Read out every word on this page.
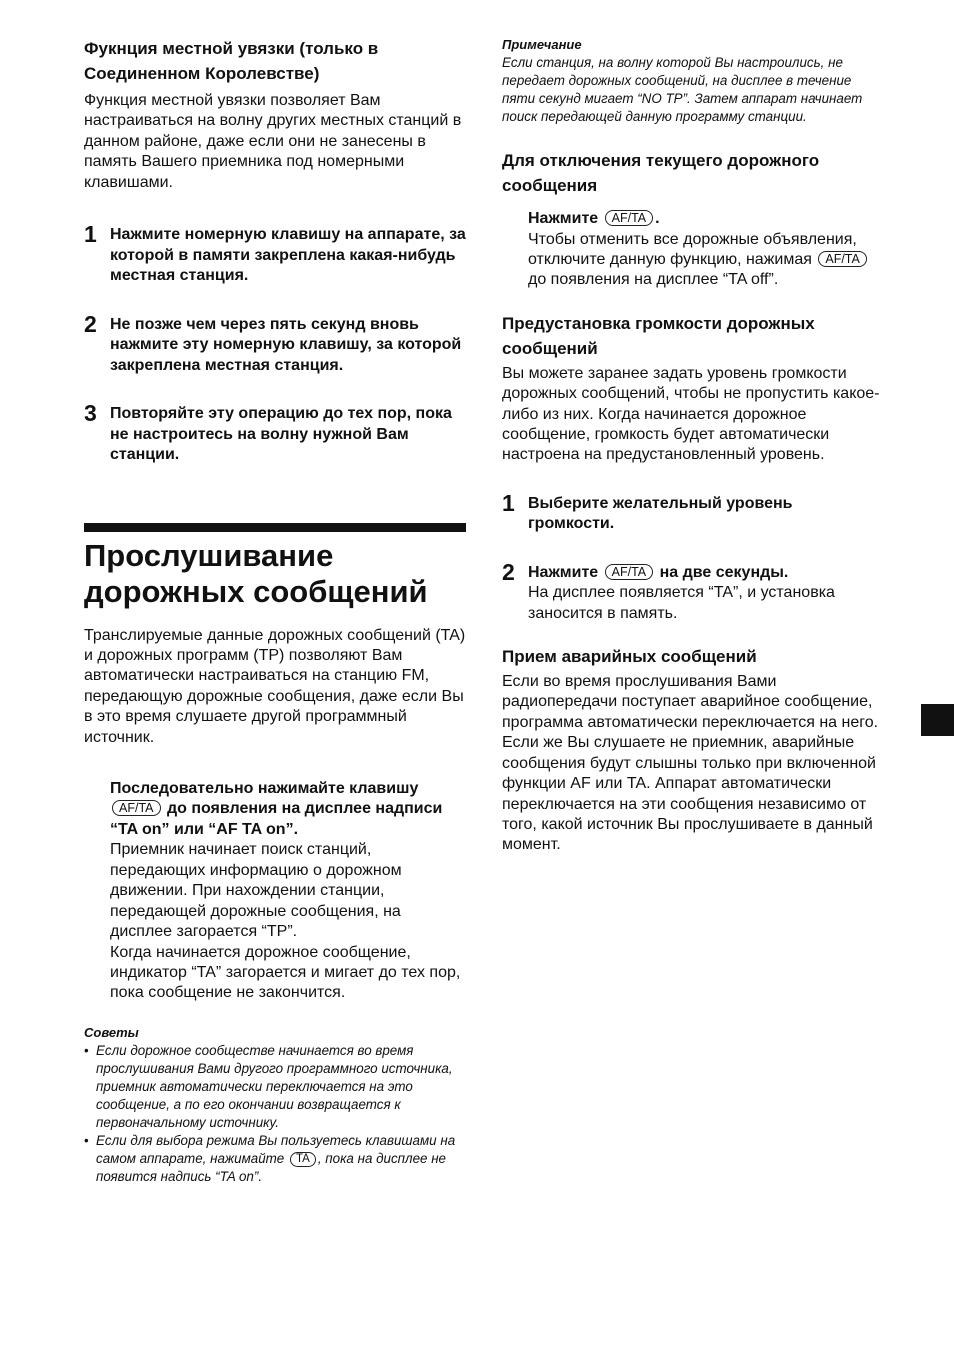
Фукнция местной увязки (только в Соединенном Королевстве)

Функция местной увязки позволяет Вам настраиваться на волну других местных станций в данном районе, даже если они не занесены в память Вашего приемника под номерными клавишами.

1 Нажмите номерную клавишу на аппарате, за которой в памяти закреплена какая-нибудь местная станция.

2 Не позже чем через пять секунд вновь нажмите эту номерную клавишу, за которой закреплена местная станция.

3 Повторяйте эту операцию до тех пор, пока не настроитесь на волну нужной Вам станции.

Прослушивание дорожных сообщений

Транслируемые данные дорожных сообщений (TA) и дорожных программ (TP) позволяют Вам автоматически настраиваться на станцию FM, передающую дорожные сообщения, даже если Вы в это время слушаете другой программный источник.

Последовательно нажимайте клавишу AF/TA до появления на дисплее надписи “TA on” или “AF TA on”.

Приемник начинает поиск станций, передающих информацию о дорожном движении. При нахождении станции, передающей дорожные сообщения, на дисплее загорается “TP”.

Когда начинается дорожное сообщение, индикатор “TA” загорается и мигает до тех пор, пока сообщение не закончится.

Советы

• Если дорожное сообществе начинается во время прослушивания Вами другого программного источника, приемник автоматически переключается на это сообщение, а по его окончании возвращается к первоначальному источнику.

• Если для выбора режима Вы пользуетесь клавишами на самом аппарате, нажимайте TA , пока на дисплее не появится надпись “TA on”.

Примечание

Если станция, на волну которой Вы настроились, не передает дорожных сообщений, на дисплее в течение пяти секунд мигает “NO TP”. Затем аппарат начинает поиск передающей данную программу станции.

Для отключения текущего дорожного сообщения

Нажмите AF/TA .

Чтобы отменить все дорожные объявления, отключите данную функцию, нажимая AF/TA до появления на дисплее “TA off”.

Предустановка громкости дорожных сообщений

Вы можете заранее задать уровень громкости дорожных сообщений, чтобы не пропустить какое-либо из них. Когда начинается дорожное сообщение, громкость будет автоматически настроена на предустановленный уровень.

1 Выберите желательный уровень громкости.

2 Нажмите AF/TA на две секунды.

На дисплее появляется “TA”, и установка заносится в память.

Прием аварийных сообщений

Если во время прослушивания Вами радиопередачи поступает аварийное сообщение, программа автоматически переключается на него. Если же Вы слушаете не приемник, аварийные сообщения будут слышны только при включенной функции AF или TA. Аппарат автоматически переключается на эти сообщения независимо от того, какой источник Вы прослушиваете в данный момент.
